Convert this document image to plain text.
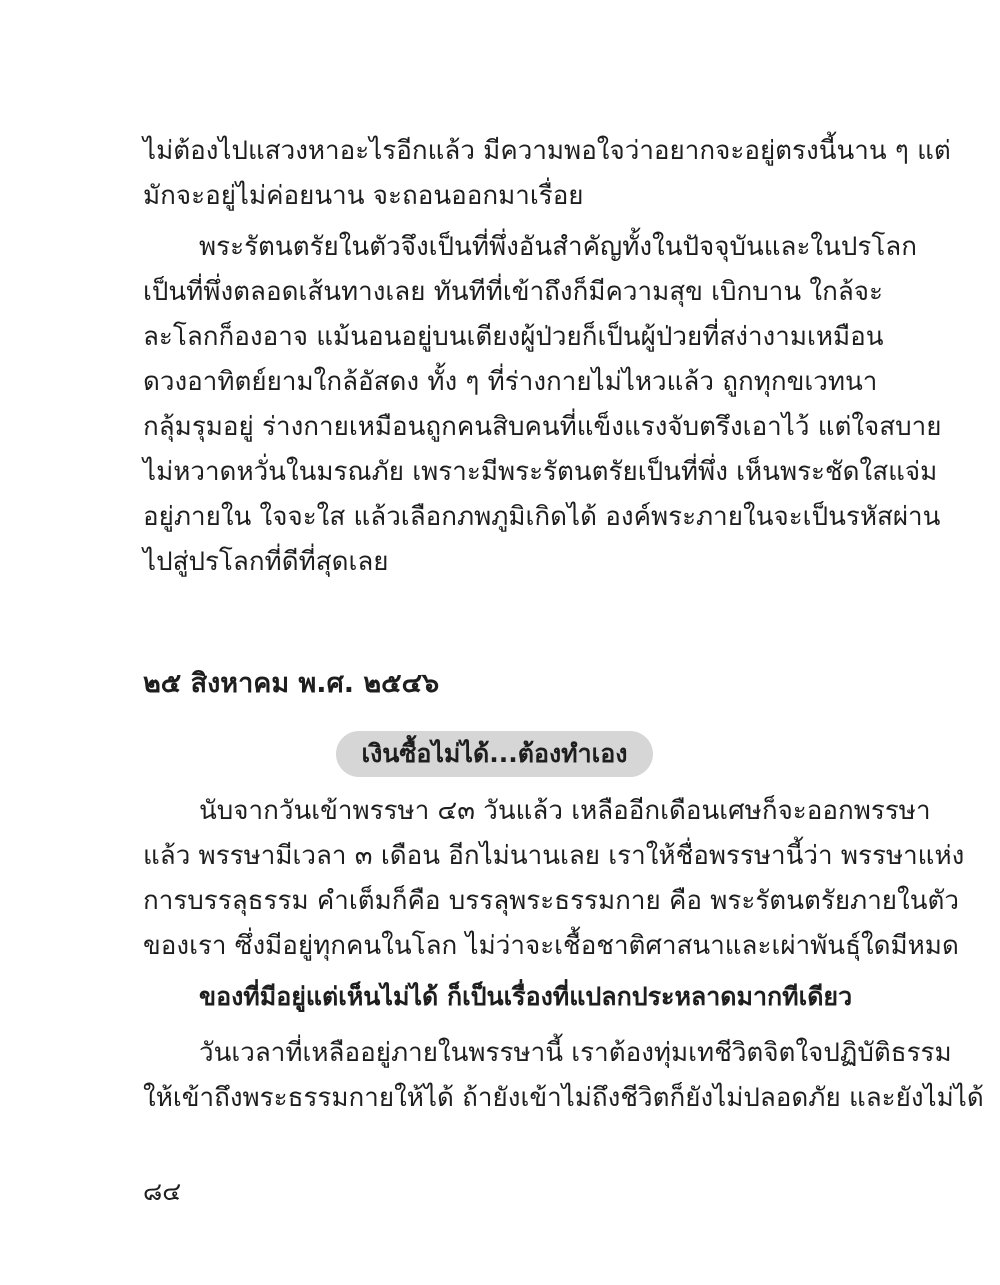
ไม่ต้องไปแสวงหาอะไรอีกแล้ว มีความพอใจว่าอยากจะอยู่ตรงนี้นาน ๆ แต่
มักจะอยู่ไม่ค่อยนาน จะถอนออกมาเรื่อย
พระรัตนตรัยในตัวจึงเป็นที่พึ่งอันสำคัญทั้งในปัจจุบันและในปรโลก
เป็นที่พึ่งตลอดเส้นทางเลย ทันทีที่เข้าถึงก็มีความสุข เบิกบาน ใกล้จะ
ละโลกก็องอาจ แม้นอนอยู่บนเตียงผู้ป่วยก็เป็นผู้ป่วยที่สง่างามเหมือน
ดวงอาทิตย์ยามใกล้อัสดง ทั้ง ๆ ที่ร่างกายไม่ไหวแล้ว ถูกทุกขเวทนา
กลุ้มรุมอยู่ ร่างกายเหมือนถูกคนสิบคนที่แข็งแรงจับตรึงเอาไว้ แต่ใจสบาย
ไม่หวาดหวั่นในมรณภัย เพราะมีพระรัตนตรัยเป็นที่พึ่ง เห็นพระชัดใสแจ่ม
อยู่ภายใน ใจจะใส แล้วเลือกภพภูมิเกิดได้ องค์พระภายในจะเป็นรหัสผ่าน
ไปสู่ปรโลกที่ดีที่สุดเลย
๒๕ สิงหาคม พ.ศ. ๒๕๔๖
เงินซื้อไม่ได้...ต้องทำเอง
นับจากวันเข้าพรรษา ๔๓ วันแล้ว เหลืออีกเดือนเศษก็จะออกพรรษา
แล้ว พรรษามีเวลา ๓ เดือน อีกไม่นานเลย เราให้ชื่อพรรษานี้ว่า พรรษาแห่ง
การบรรลุธรรม คำเต็มก็คือ บรรลุพระธรรมกาย คือ พระรัตนตรัยภายในตัว
ของเรา ซึ่งมีอยู่ทุกคนในโลก ไม่ว่าจะเชื้อชาติศาสนาและเผ่าพันธุ์ใดมีหมด
ของที่มีอยู่แต่เห็นไม่ได้ ก็เป็นเรื่องที่แปลกประหลาดมากทีเดียว
วันเวลาที่เหลืออยู่ภายในพรรษานี้ เราต้องทุ่มเทชีวิตจิตใจปฏิบัติธรรม
ให้เข้าถึงพระธรรมกายให้ได้ ถ้ายังเข้าไม่ถึงชีวิตก็ยังไม่ปลอดภัย และยังไม่ได้
๘๔
